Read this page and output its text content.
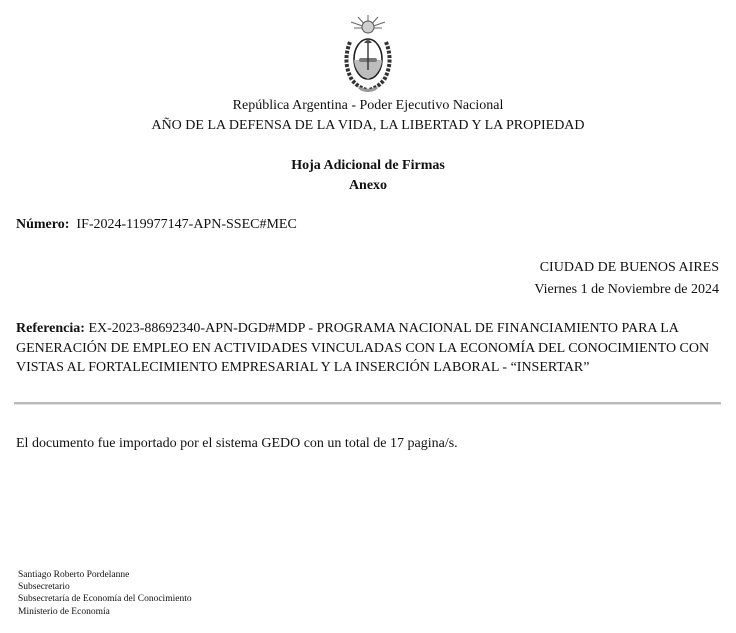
República Argentina - Poder Ejecutivo Nacional
AÑO DE LA DEFENSA DE LA VIDA, LA LIBERTAD Y LA PROPIEDAD
Hoja Adicional de Firmas
Anexo
Número: IF-2024-119977147-APN-SSEC#MEC
CIUDAD DE BUENOS AIRES
Viernes 1 de Noviembre de 2024
Referencia: EX-2023-88692340-APN-DGD#MDP - PROGRAMA NACIONAL DE FINANCIAMIENTO PARA LA GENERACIÓN DE EMPLEO EN ACTIVIDADES VINCULADAS CON LA ECONOMÍA DEL CONOCIMIENTO CON VISTAS AL FORTALECIMIENTO EMPRESARIAL Y LA INSERCIÓN LABORAL - “INSERTAR”
El documento fue importado por el sistema GEDO con un total de 17 pagina/s.
Santiago Roberto Pordelanne
Subsecretario
Subsecretaría de Economía del Conocimiento
Ministerio de Economía
